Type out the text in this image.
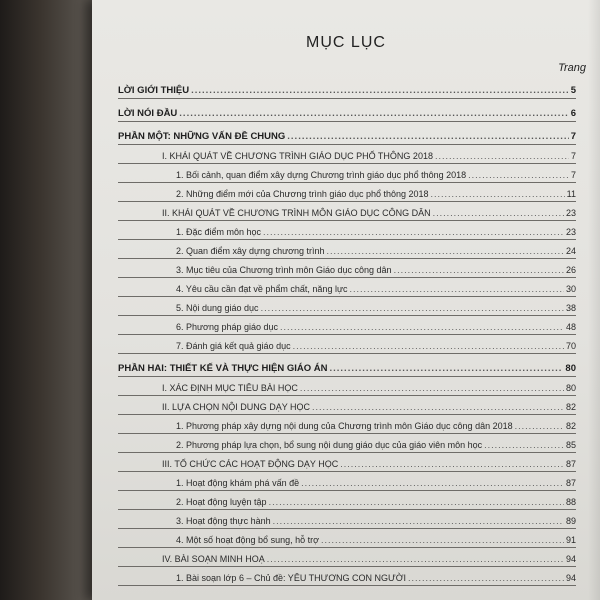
MỤC LỤC
Trang
LỜI GIỚI THIỆU .....	5
LỜI NÓI ĐẦU .....	6
PHẦN MỘT: NHỮNG VẤN ĐỀ CHUNG .....	7
I. KHÁI QUÁT VỀ CHƯƠNG TRÌNH GIÁO DỤC PHỔ THÔNG 2018 .....	7
1. Bối cảnh, quan điểm xây dựng Chương trình giáo dục phổ thông 2018 .....	7
2. Những điểm mới của Chương trình giáo dục phổ thông 2018 .....	11
II. KHÁI QUÁT VỀ CHƯƠNG TRÌNH MÔN GIÁO DỤC CÔNG DÂN .....	23
1. Đặc điểm môn học .....	23
2. Quan điểm xây dựng chương trình .....	24
3. Mục tiêu của Chương trình môn Giáo dục công dân .....	26
4. Yêu cầu cần đạt về phẩm chất, năng lực .....	30
5. Nội dung giáo dục .....	38
6. Phương pháp giáo dục .....	48
7. Đánh giá kết quả giáo dục .....	70
PHẦN HAI: THIẾT KẾ VÀ THỰC HIỆN GIÁO ÁN .....	80
I. XÁC ĐỊNH MỤC TIÊU BÀI HỌC .....	80
II. LỰA CHỌN NỘI DUNG DẠY HỌC .....	82
1. Phương pháp xây dựng nội dung của Chương trình môn Giáo dục công dân 2018 .....	82
2. Phương pháp lựa chọn, bổ sung nội dung giáo dục của giáo viên môn học .....	85
III. TỔ CHỨC CÁC HOẠT ĐỘNG DẠY HỌC .....	87
1. Hoạt động khám phá vấn đề .....	87
2. Hoạt động luyện tập .....	88
3. Hoạt động thực hành .....	89
4. Một số hoạt động bổ sung, hỗ trợ .....	91
IV. BÀI SOẠN MINH HOẠ .....	94
1. Bài soạn lớp 6 – Chủ đề: YÊU THƯƠNG CON NGƯỜI .....	94
